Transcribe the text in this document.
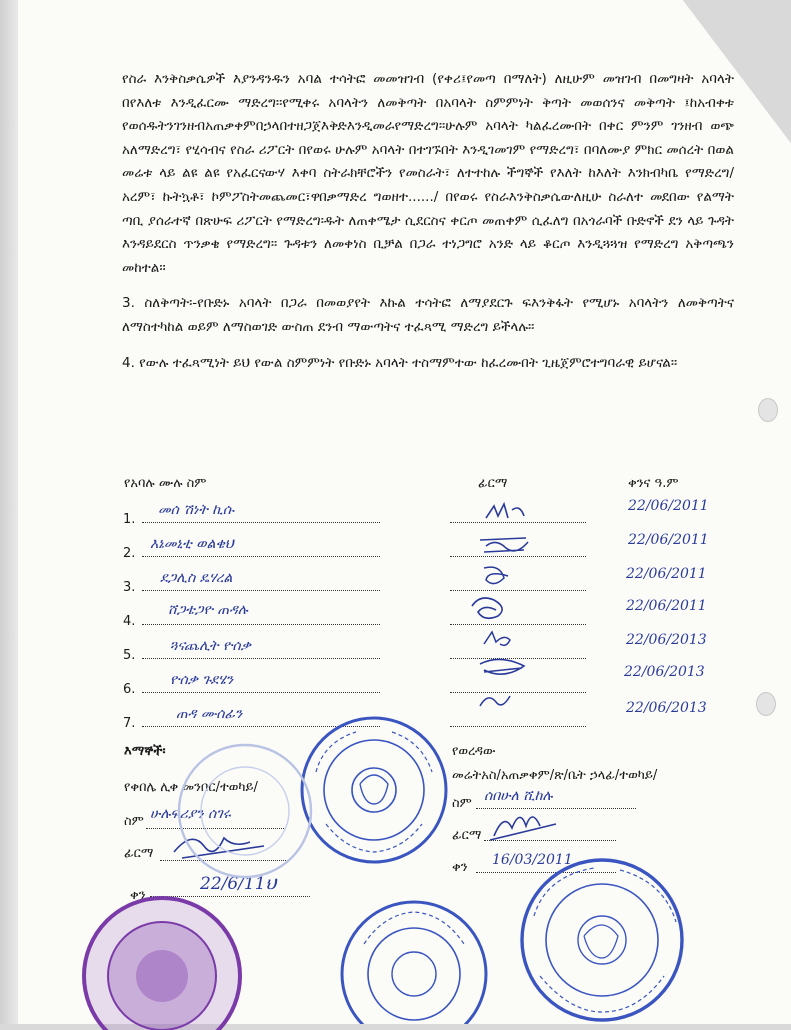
የስራ እንቅስቃሴዎች እያንዳንዱን አባል ተሳትፎ መመዝገብ (የቀሪ፤የመጣ በማለት) ለዚሁም መዝገብ በመግዛት አባላት በየእለቱ እንዲፈርሙ ማድረግ፡፡የሚቀሩ አባላትን ለመቅጣት በአባላት ስምምነት ቅጣት መወሰንና መቅጣት ፤ከአብቀቱ የወሰዱትንገንዘብአጠቃቀምበኃላበተዘጋጀእቅድእንዲመራየማድረግ፡፡ሁሉም አባላት ካልፈረሙበት በቀር ምንም ገንዘብ ወጭ አለማድረግ፣ የሂሳብና የስራ ሪፖርት በየወሩ ሁሉም አባላት በተገኙበት እንዲገመገም የማድረግ፣ በባለሙያ ምክር መሰረት በወል መሬቱ ላይ ልዩ ልዩ የአፈርናውሃ እቀባ ስትራክቸሮችን የመስራት፣ ለተተከሉ ችግኞች የእለት ከእለት እንክብካቤ የማድረግ/አረም፣ ኩትኳቶ፣ ኮምፖስትመጨመር፣ዋበቃማድረ ግወዘተ....../ በየወሩ የስራእንቅስቃሴውለዚሁ ስራለተ መደበው የልማት ጣቢ ያሰራተኛ በጽሁፍ ሪፖርት የማድረግ፡ዱት ለጠቀሜታ ሲደርስና ቀርጦ መጠቀም ሲፈለግ በአጎራባች ቡድኖች ደን ላይ ጉዳት እንዳይደርስ ጥንቃቄ የማድረግ፡፡ ጉዳቱን ለመቀነስ ቢቻል በጋራ ተነጋግሮ አንድ ላይ ቆርጦ እንዲጓጓዝ የማድረግ አቅጣጫን መከተል፡፡

3. ስለቅጣት፡-የቡድኑ አባላት በጋራ በመወያየት እኩል ተሳትፎ ለማያደርጉ ፍእንቅፋት የሚሆኑ አባላትን ለመቅጣትና ለማስተካከል ወይም ለማስወገድ ውስጠ ደንብ ማውጣትና ተፈጻሚ ማድረግ ይችላሉ፡፡

4. የውሉ ተፈጻሚነት ይህ የውል ስምምነት የቡድኑ አባላት ተስማምተው ከፈረሙበት ጊዜጀምሮተግባራዊ ይሆናል፡፡

የአባሉ ሙሉ ስም	ፊርማ	ቀንና ዓ.ም
1.
መሰ ሽነት ኪሱ	22/06/2011
2.
እኔመኒቲ ወልቄህ	22/06/2011
3.
ደጋሊስ ዴሃረል	22/06/2011
4.
ሸጋቴጋዮ ጠዳሉ	22/06/2011
5.
ጓናጨሊት ዮሰቃ	22/06/2013
6.
ዮሰቃ ጉደሄን	22/06/2013
7.
ጠዳ ሙሰፊን	22/06/2013
እማኞች፡
የቀበሌ ሊቀ መንበር/ተወካይ/
ስም ሁሉፍሪያን ሰገሩ
ፊርማ
ቀን
22/6/11ህ
የወረዳው
መሬትአስ/አጠቃቀም/ጽ/ቤት ኃላፊ/ተወካይ/
ስም ሰበሁለ ሺከሉ
ፊርማ
ቀን 16/03/2011
